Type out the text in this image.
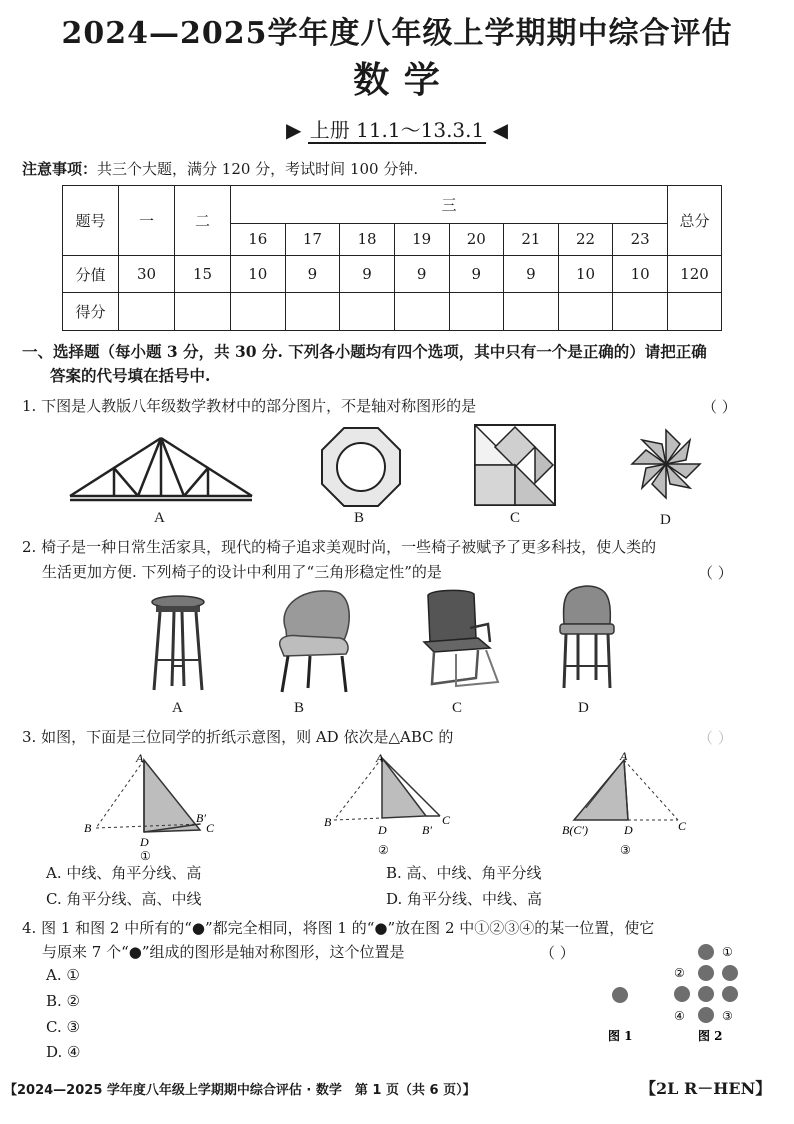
2024—2025学年度八年级上学期期中综合评估
数 学
▶ 上册 11.1～13.3.1 ◀
注意事项：共三个大题，满分 120 分，考试时间 100 分钟.
题号	一	二	三								总分
			16	17	18	19	20	21	22	23	
分值	30	15	10	9	9	9	9	9	10	10	120
得分											
一、选择题（每小题 3 分，共 30 分. 下列各小题均有四个选项，其中只有一个是正确的）请把正确
答案的代号填在括号中.
1. 下图是人教版八年级数学教材中的部分图片，不是轴对称图形的是	（ ）
A	B	C	D
2. 椅子是一种日常生活家具，现代的椅子追求美观时尚，一些椅子被赋予了更多科技，使人类的
生活更加方便. 下列椅子的设计中利用了“三角形稳定性”的是	（ ）
A	B	C	D
3. 如图，下面是三位同学的折纸示意图，则 AD 依次是△ABC 的	（ ）
A
B
D
B′
C
①
A
B
D	B′
C
②
A
B(C′)	D	C
③
A. 中线、角平分线、高	B. 高、中线、角平分线
C. 角平分线、高、中线	D. 角平分线、中线、高
4. 图 1 和图 2 中所有的“●”都完全相同，将图 1 的“●”放在图 2 中①②③④的某一位置，使它
与原来 7 个“●”组成的图形是轴对称图形，这个位置是	（ ）
A. ①
B. ②
C. ③
D. ④
①
②
③
④
图 1	图 2
【2024—2025 学年度八年级上学期期中综合评估 · 数学　第 1 页（共 6 页）】	【2L R－HEN】
